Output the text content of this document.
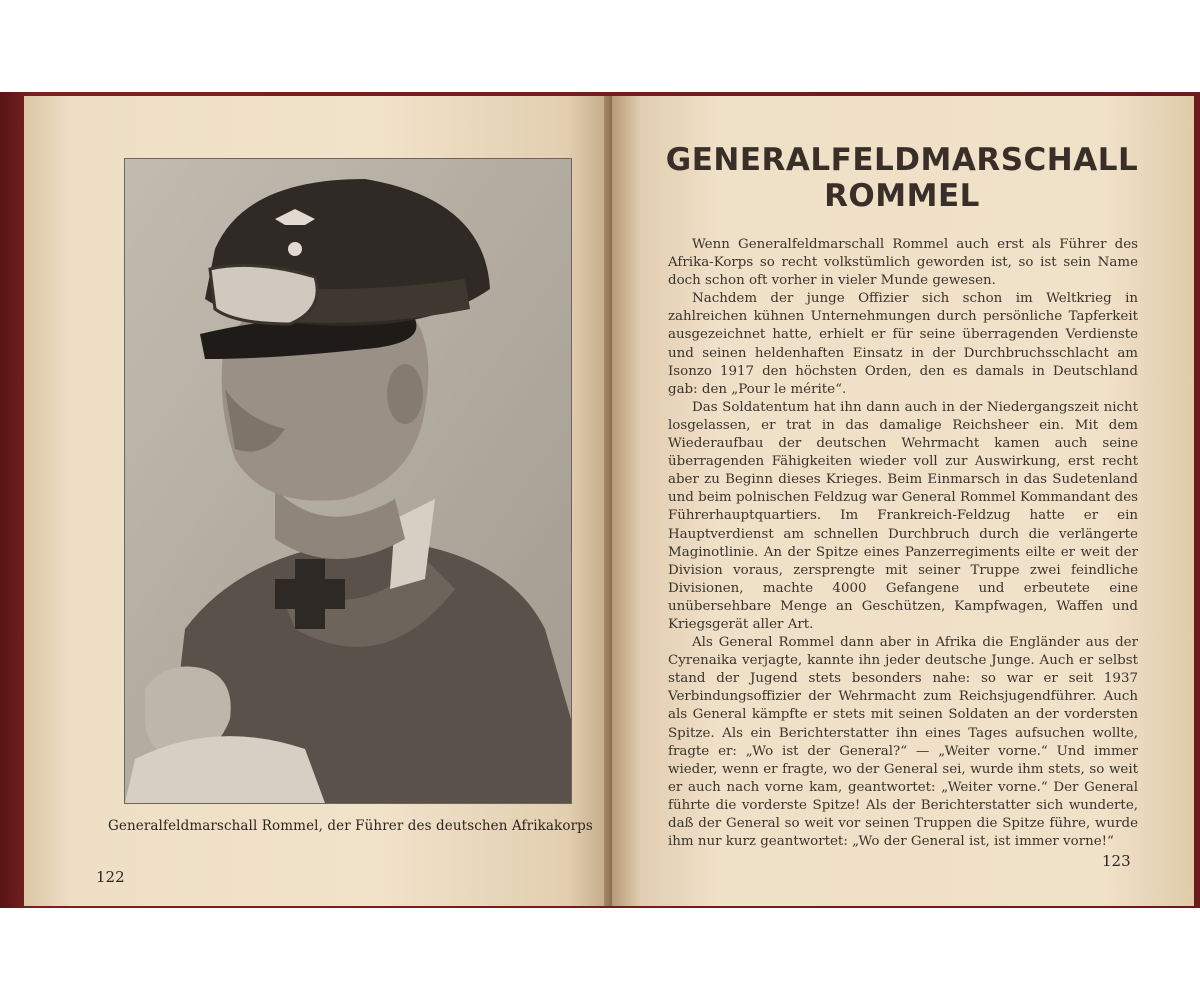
Generalfeldmarschall Rommel, der Führer des deutschen Afrikakorps
122
GENERALFELDMARSCHALL
ROMMEL

Wenn Generalfeldmarschall Rommel auch erst als Führer des Afrika-Korps so recht volkstümlich geworden ist, so ist sein Name doch schon oft vorher in vieler Munde gewesen.

Nachdem der junge Offizier sich schon im Weltkrieg in zahlreichen kühnen Unternehmungen durch persönliche Tapferkeit ausgezeichnet hatte, erhielt er für seine überragenden Verdienste und seinen heldenhaften Einsatz in der Durchbruchsschlacht am Isonzo 1917 den höchsten Orden, den es damals in Deutschland gab: den „Pour le mérite“.

Das Soldatentum hat ihn dann auch in der Niedergangszeit nicht losgelassen, er trat in das damalige Reichsheer ein. Mit dem Wiederaufbau der deutschen Wehrmacht kamen auch seine überragenden Fähigkeiten wieder voll zur Auswirkung, erst recht aber zu Beginn dieses Krieges. Beim Einmarsch in das Sudetenland und beim polnischen Feldzug war General Rommel Kommandant des Führerhauptquartiers. Im Frankreich-Feldzug hatte er ein Hauptverdienst am schnellen Durchbruch durch die verlängerte Maginotlinie. An der Spitze eines Panzerregiments eilte er weit der Division voraus, zersprengte mit seiner Truppe zwei feindliche Divisionen, machte 4000 Gefangene und erbeutete eine unübersehbare Menge an Geschützen, Kampfwagen, Waffen und Kriegsgerät aller Art.

Als General Rommel dann aber in Afrika die Engländer aus der Cyrenaika verjagte, kannte ihn jeder deutsche Junge. Auch er selbst stand der Jugend stets besonders nahe: so war er seit 1937 Verbindungsoffizier der Wehrmacht zum Reichsjugendführer. Auch als General kämpfte er stets mit seinen Soldaten an der vordersten Spitze. Als ein Berichterstatter ihn eines Tages aufsuchen wollte, fragte er: „Wo ist der General?“ — „Weiter vorne.“ Und immer wieder, wenn er fragte, wo der General sei, wurde ihm stets, so weit er auch nach vorne kam, geantwortet: „Weiter vorne.“ Der General führte die vorderste Spitze! Als der Berichterstatter sich wunderte, daß der General so weit vor seinen Truppen die Spitze führe, wurde ihm nur kurz geantwortet: „Wo der General ist, ist immer vorne!“

123
